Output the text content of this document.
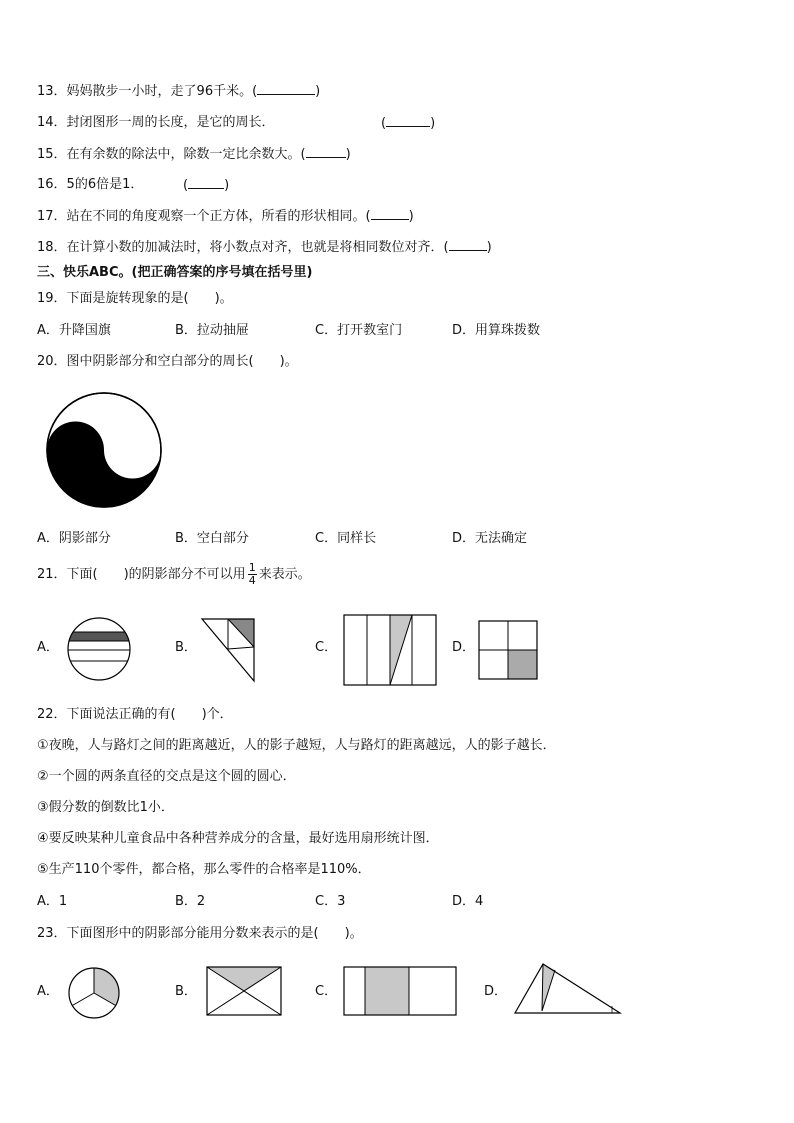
13．妈妈散步一小时，走了96千米。(	)
14．封闭图形一周的长度，是它的周长．	(	)
15．在有余数的除法中，除数一定比余数大。(	)
16．5的6倍是1．	(	)
17．站在不同的角度观察一个正方体，所看的形状相同。(	)
18．在计算小数的加减法时，将小数点对齐，也就是将相同数位对齐．(	)
三、快乐ABC。(把正确答案的序号填在括号里)
19．下面是旋转现象的是(　　)。
A．升降国旗	B．拉动抽屉	C．打开教室门	D．用算珠拨数
20．图中阴影部分和空白部分的周长(　　)。
A．阴影部分	B．空白部分	C．同样长	D．无法确定
21．下面(　　)的阴影部分不可以用 $\frac{1}{4}$ 来表示。
A．	B．	C．	D．
22．下面说法正确的有(　　)个．
①夜晚，人与路灯之间的距离越近，人的影子越短，人与路灯的距离越远，人的影子越长．
②一个圆的两条直径的交点是这个圆的圆心．
③假分数的倒数比1小．
④要反映某种儿童食品中各种营养成分的含量，最好选用扇形统计图．
⑤生产110个零件，都合格，那么零件的合格率是110%．
A．1	B．2	C．3	D．4
23．下面图形中的阴影部分能用分数来表示的是(　　)。
A．	B．	C．	D．
